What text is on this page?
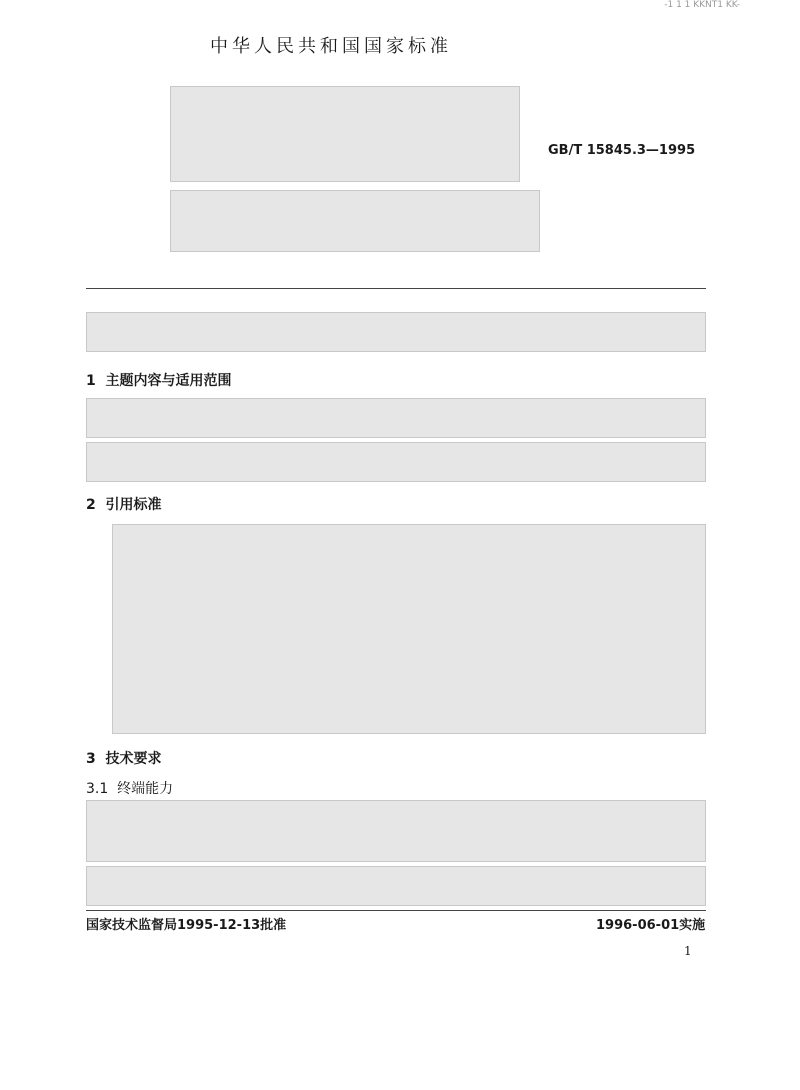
-1 1 1 KKNT1 KK-
中华人民共和国国家标准
GB/T 15845.3—1995
1 主题内容与适用范围
2 引用标准
3 技术要求
3.1 终端能力
国家技术监督局1995-12-13批准	1996-06-01实施
1
